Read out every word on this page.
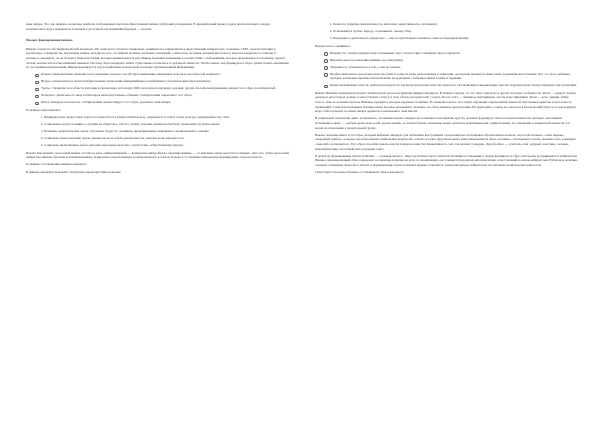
идея лидера. Это, как правило, несколько наиболее злободневных проблем общественной жизни, требующих разрешения. В предвыборный период задача предполагаемого лидера политического курса выражается в краткой и доступной для понимания формуле — лозунге.

Процесс формирования имиджа

Имидж создается собственной работой кандидата. Но чаще всего строится специально, развивается и закрепляется в представлении избирателей с помощью СМИ, средств агитации и пропаганды. Специалисты, изучающие имидж, исходят из того, что имидж не имеет реальных отношений с личностью человека, который выступает в качестве кандидата: в отличие от реального кандидата, он не обладает теми качествами, которые приписываются ему. Имидж подлежит изменению в соответствии с требованиями, которые предъявляются к политику данной эпохой, контекстом и общественным мнением. Поэтому образ кандидата может существенно отличаться от реальной личности. Чтобы понять, как формируется образ, нужно понять механизмы его восприятия избирателями. Имидж формируется под воздействием разнородной и нередко противоречивой информации.

Первое. Первоначально проводится исследование, которое способствует выявлению ожидаемых качеств и способностей кандидата.
Второе. Специалисты в области избирательных технологий, имиджмейкеры разрабатывают стратегический образ кандидата.
Третье. Специалисты в области агитации и пропаганды, используя СМИ, печатную и наружную рекламу, другие способы коммуникации доводят этот образ до избирателей.
Четвертое. Деятельность лица и агитаторов непосредственное общение с избирателями закрепляют этот образ.
Пятое. Кандидат на встречах с избирателями демонстрирует этот образ, укрепляет свой имидж.

Основные черты имиджа:

1. Индивидуально-личностные черты: на личностность (психосоматическое), уверенность в себе и своем деле (до самоуверенности), сила.
2. Социальные черты: позиция «с лучшим из общества», забота о людях, хорошие знания их проблем, стремление улучшить жизнь.
3. Политико-энергетические черты: энтузиазм, бодрость, оптимизм, провоцирование позитивного эмоционального отклика.
4. Социально-энергетические черты: умение вести за собой, решительность, энергия, воля, напористость.
5. Социально-нравственные черты: высокие моральные качества, соответствие «общественному идеалу».

Важно! Как правило, целостный имидж состоит из ряда «микроимиджей» — конкретные микрообразы, сформированные, — те или иные черты целостного имиджа. Для того, чтобы целостный имидж был живым, броским и запоминающимся, конкретные модели имиджа должны включать в себя не больше 3–5 основных компонентов формируемых образом качеств.

Основные составляющие имиджа кандидата

В имидже кандидата выделяют следующие характеристики политика:

1. Личность (харизма, направленность, интеллект, нравственность, потенциал).
2. Отношения (в группе, народу, сторонникам, своему себе).
3. Поведение и деятельность (лидерское — как поступательных моментов, такое в обыденной жизни).

Прежде всего, оценивают:

Внешность, степень выразительности внешних черт, соответствие с внешним, вкусы, прическа.
Выразительность поведения (мимика, жестикуляция).
Уверенность, убежденность в том, о чем он говорит.
Профессиональные ораторские качества (темп и четкость речи, расположение к аудитории, ораторские приемы) и лишь затем содержание выступления. Про это часто забывают ораторы, желающие произвести впечатление на аудиторию с помощью яркой логики и эрудиции.
Кроме независимых качеств, зрители реагируют на характерологические качества личности, заставляющие и вызывающие чувство подражательности при общении с выступающим.

Важно! Внешние компоненты играют значительную роль в восприятии имиджа кандидата. В первую очередь, это его лицо, прическа и другие телесные особенности. Затем — одежда: подбор одежды и аксессуаров должен соответствовать статусу и тому образу, который хотят создать. После этого — мимика и пантомимика, жесты и жестикуляция. Затем — речь: дикция, тембр голоса, темп и особенности речи. Наконец, предметы, которые окружают политика. В совокупности все это создает ощущение определенной личности: внутреннее единство и целостность проявлений. Стиль изготовления и бытовые вещи, которые раскрывают человека, его стиль жизни и предпочтения. На аудиторию, а также на электорат в целом воздействует и то, как кандидат ведет себя и говорит, по какой манере держится и высказывает свои мысли.

В социальной технологии давно установлено, что имидж первые секунды часто внешнего восприятия другого человека формирует образ положительным или, наоборот, негативным. Отношение к нему — «добрая душа» или «злой, недовольный», и соответственно отношение может оказаться позитивным или отрицательным, по отношению к конкретной личности, и в целом по отношению к значительной группе.

Важное значение имеет и тот образ, который выбирает кандидат для публичных выступлений. Среди наиболее популярных образов можно назвать: «простой человек», «свой парень», «народный трибун», которые способны вызвать наибольшее количество «своих» в толпе. Другим не менее известным является образ «хозяина», обладающего силой, уверенностью, умеющего с кем-либо договориться. Этот образ способен помочь внести порядок и навести справедливость, чего так желают граждане. Другой образ — «учитель» или «мудрый советчик»: человек, знающий истину, способный дать разумный совет.

В целом же формирование образа политика — сложный процесс. Через различные черты личности политика и отношение к людям формируется образ, который и воспринимается избирателем. Именно сформированный образ определяет восприятие политика во всех его проявлениях, он становится предметом интерпретации, сопоставлений и оценок избирателей. Публичная политика отражает отношение общества к власти, и формирование образа политика нередко становится элементом выбора избирателем тех или иных политических ценностей.

Существуют несколько базовых составляющих образа кандидата.
